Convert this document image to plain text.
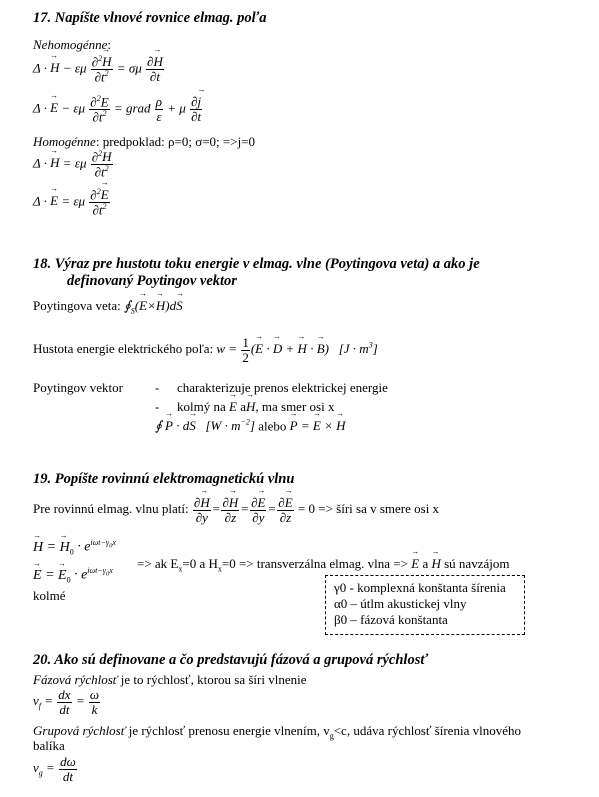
17. Napíšte vlnové rovnice elmag. poľa
Nehomogénne:
Δ · → H − εμ $\frac{\partial^2\to H}{\partial t^2} = \sigma\mu \frac{\partial\to H}{\partial t}$
Δ · → E − εμ $\frac{\partial^2E}{\partial t^2}$ = grad $\frac{\rho}{\varepsilon} + \mu \frac{\partial\to j}{\partial t}$
Homogénne: predpoklad: ρ=0; σ=0; =>j=0
Δ · → H = εμ $\frac{\partial^2\to H}{\partial t^2}$
Δ · → E = εμ $\frac{\partial^2\to E}{\partial t^2}$
18. Výraz pre hustotu toku energie v elmag. vlne (Poytingova veta) a ako je
definovaný Poytingov vektor
Poytingova veta: $∮_S(\to E\times\to H)d\to S$
Hustota energie elektrického poľa: $w = \frac{1}{2}$ (→ E · → D + → H · → B)   $[J \cdot m^3]$
Poytingov vektor - charakterizuje prenos elektrickej energie
- kolmý na → E a→ H, ma smer osi x
∮ → P · d→ S   $[W \cdot m^{-2}]$ alebo → P = → E × → H
19. Popíšte rovinnú elektromagnetickú vlnu
Pre rovinnú elmag. vlnu platí: $\frac{\partial\to H}{\partial y} = \frac{\partial\to H}{\partial z} = \frac{\partial\to E}{\partial y} = \frac{\partial\to E}{\partial z} = 0$ => šíri sa v smere osi x
→ H = → $H_0 \cdot e^{i\omega t-\gamma_0x}$
→ E = → $E_0 \cdot e^{i\omega t-\gamma_0x}$ => ak $E_x=0$ a $H_x=0$ => transverzálna elmag. vlna => → E a → H sú navzájom
kolmé
γ0 - komplexná konštanta šírenia
α0 – útlm akustickej vlny
β0 – fázová konštanta
20. Ako sú definovane a čo predstavujú fázová a grupová rýchlosť
Fázová rýchlosť je to rýchlosť, ktorou sa šíri vlnenie
$v_f = \frac{dx}{dt} = \frac{\omega}{k}$
Grupová rýchlosť je rýchlosť prenosu energie vlnením, $v_g<c$, udáva rýchlosť šírenia vlnového
balíka
$v_g = \frac{d\omega}{dt}$
